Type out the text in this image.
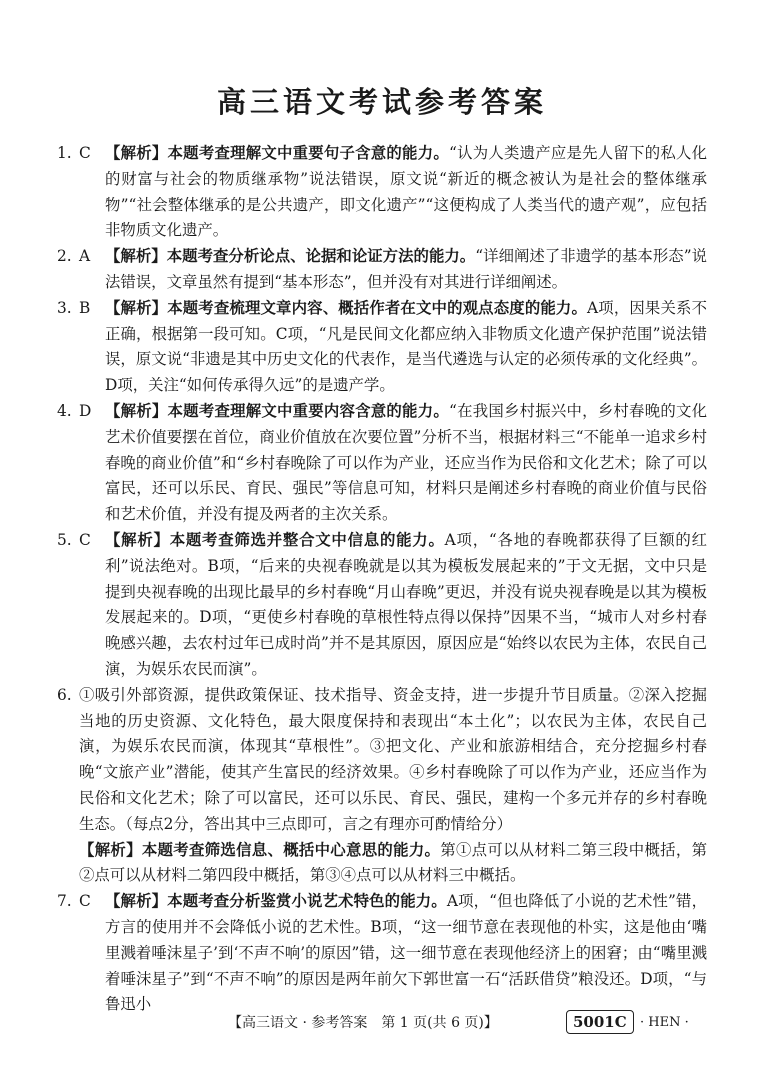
高三语文考试参考答案
1. C 【解析】本题考查理解文中重要句子含意的能力。“认为人类遗产应是先人留下的私人化的财富与社会的物质继承物”说法错误，原文说“新近的概念被认为是社会的整体继承物”“社会整体继承的是公共遗产，即文化遗产”“这便构成了人类当代的遗产观”，应包括非物质文化遗产。
2. A 【解析】本题考查分析论点、论据和论证方法的能力。“详细阐述了非遗学的基本形态”说法错误，文章虽然有提到“基本形态”，但并没有对其进行详细阐述。
3. B 【解析】本题考查梳理文章内容、概括作者在文中的观点态度的能力。A项，因果关系不正确，根据第一段可知。C项，“凡是民间文化都应纳入非物质文化遗产保护范围”说法错误，原文说“非遗是其中历史文化的代表作，是当代遴选与认定的必须传承的文化经典”。D项，关注“如何传承得久远”的是遗产学。
4. D 【解析】本题考查理解文中重要内容含意的能力。“在我国乡村振兴中，乡村春晚的文化艺术价值要摆在首位，商业价值放在次要位置”分析不当，根据材料三“不能单一追求乡村春晚的商业价值”和“乡村春晚除了可以作为产业，还应当作为民俗和文化艺术；除了可以富民，还可以乐民、育民、强民”等信息可知，材料只是阐述乡村春晚的商业价值与民俗和艺术价值，并没有提及两者的主次关系。
5. C 【解析】本题考查筛选并整合文中信息的能力。A项，“各地的春晚都获得了巨额的红利”说法绝对。B项，“后来的央视春晚就是以其为模板发展起来的”于文无据，文中只是提到央视春晚的出现比最早的乡村春晚“月山春晚”更迟，并没有说央视春晚是以其为模板发展起来的。D项，“更使乡村春晚的草根性特点得以保持”因果不当，“城市人对乡村春晚感兴趣，去农村过年已成时尚”并不是其原因，原因应是“始终以农民为主体，农民自己演，为娱乐农民而演”。
6. ①吸引外部资源，提供政策保证、技术指导、资金支持，进一步提升节目质量。②深入挖掘当地的历史资源、文化特色，最大限度保持和表现出“本土化”；以农民为主体，农民自己演，为娱乐农民而演，体现其“草根性”。③把文化、产业和旅游相结合，充分挖掘乡村春晚“文旅产业”潜能，使其产生富民的经济效果。④乡村春晚除了可以作为产业，还应当作为民俗和文化艺术；除了可以富民，还可以乐民、育民、强民，建构一个多元并存的乡村春晚生态。（每点2分，答出其中三点即可，言之有理亦可酌情给分）
【解析】本题考查筛选信息、概括中心意思的能力。第①点可以从材料二第三段中概括，第②点可以从材料二第四段中概括，第③④点可以从材料三中概括。
7. C 【解析】本题考查分析鉴赏小说艺术特色的能力。A项，“但也降低了小说的艺术性”错，方言的使用并不会降低小说的艺术性。B项，“这一细节意在表现他的朴实，这是他由‘嘴里溅着唾沫星子’到‘不声不响’的原因”错，这一细节意在表现他经济上的困窘；由“嘴里溅着唾沫星子”到“不声不响”的原因是两年前欠下郭世富一石“活跃借贷”粮没还。D项，“与鲁迅小
【高三语文 · 参考答案　第 1 页(共 6 页)】	5001C	· HEN ·
